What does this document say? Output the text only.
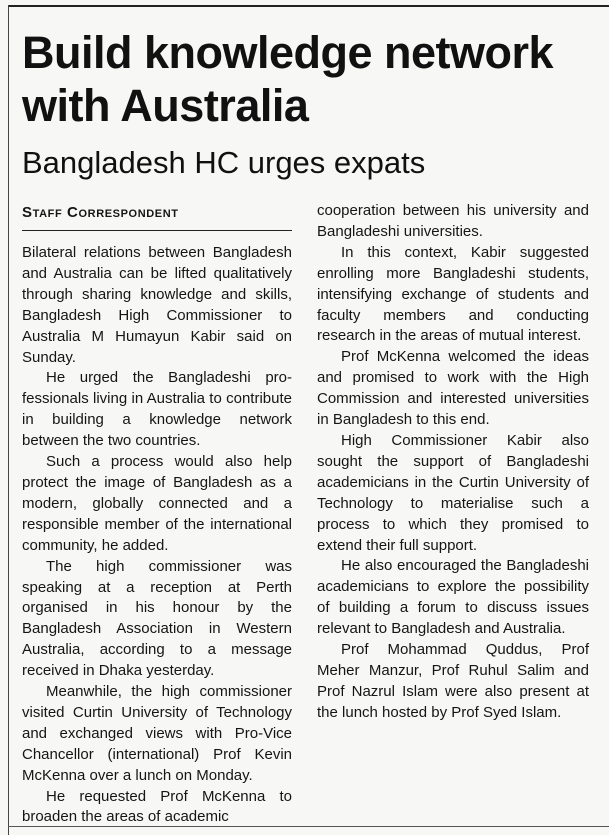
Build knowledge network with Australia
Bangladesh HC urges expats
Staff Correspondent

Bilateral relations between Bangladesh and Australia can be lifted qualitatively through sharing knowledge and skills, Bangladesh High Commissioner to Australia M Humayun Kabir said on Sunday.

He urged the Bangladeshi professionals living in Australia to contribute in building a knowledge network between the two countries.

Such a process would also help protect the image of Bangladesh as a modern, globally connected and a responsible member of the international community, he added.

The high commissioner was speaking at a reception at Perth organised in his honour by the Bangladesh Association in Western Australia, according to a message received in Dhaka yesterday.

Meanwhile, the high commissioner visited Curtin University of Technology and exchanged views with Pro-Vice Chancellor (international) Prof Kevin McKenna over a lunch on Monday.

He requested Prof McKenna to broaden the areas of academic

cooperation between his university and Bangladeshi universities.

In this context, Kabir suggested enrolling more Bangladeshi students, intensifying exchange of students and faculty members and conducting research in the areas of mutual interest.

Prof McKenna welcomed the ideas and promised to work with the High Commission and interested universities in Bangladesh to this end.

High Commissioner Kabir also sought the support of Bangladeshi academicians in the Curtin University of Technology to materialise such a process to which they promised to extend their full support.

He also encouraged the Bangladeshi academicians to explore the possibility of building a forum to discuss issues relevant to Bangladesh and Australia.

Prof Mohammad Quddus, Prof Meher Manzur, Prof Ruhul Salim and Prof Nazrul Islam were also present at the lunch hosted by Prof Syed Islam.
